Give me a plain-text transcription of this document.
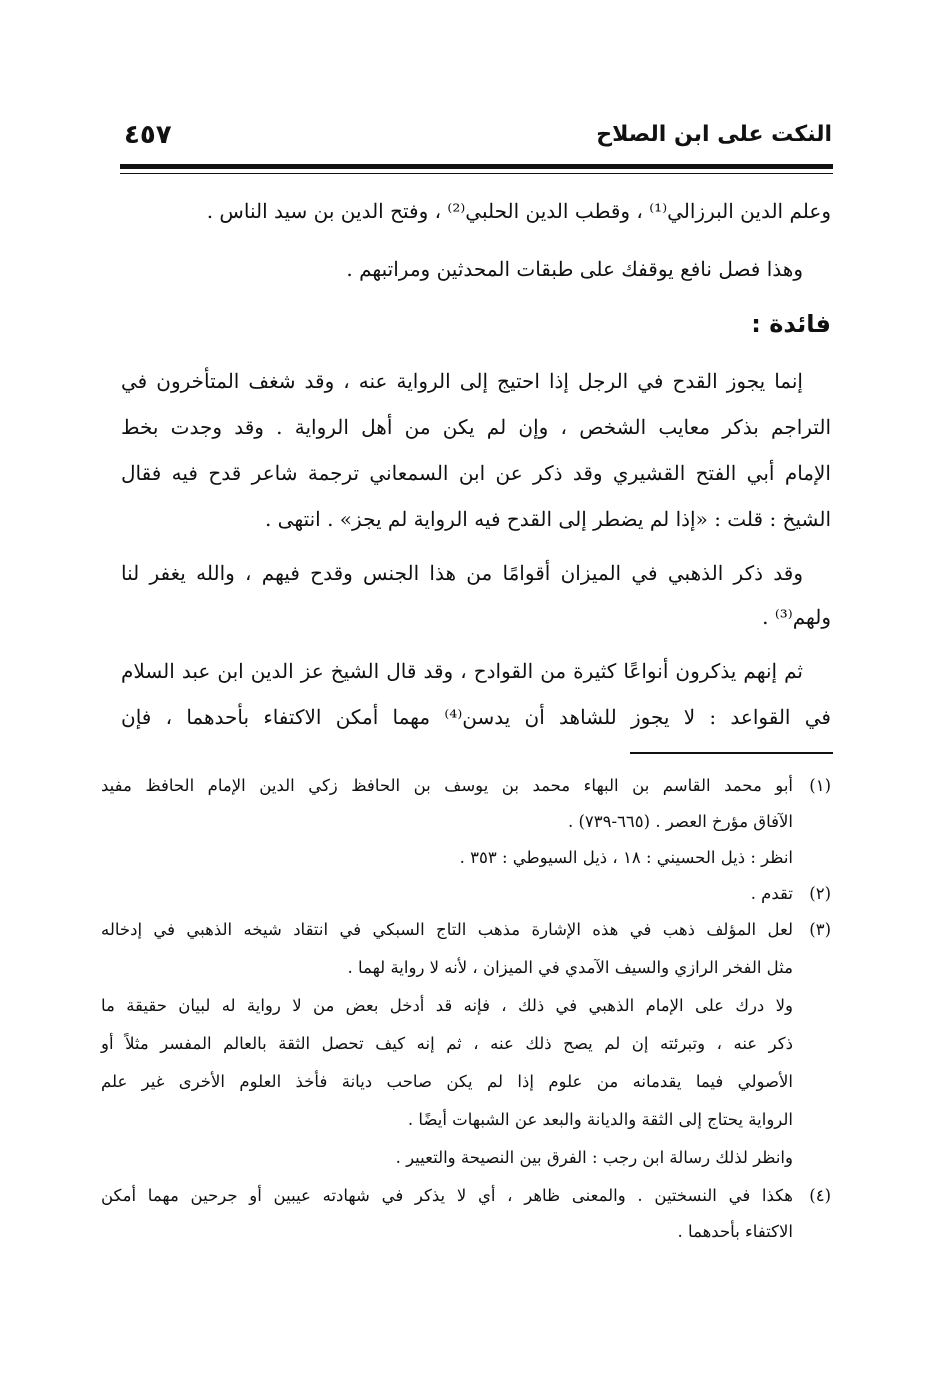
النكت على ابن الصلاح
٤٥٧
وعلم الدين البرزالي⁽¹⁾ ، وقطب الدين الحلبي⁽²⁾ ، وفتح الدين بن سيد الناس .
وهذا فصل نافع يوقفك على طبقات المحدثين ومراتبهم .
فائدة :
إنما يجوز القدح في الرجل إذا احتيج إلى الرواية عنه ، وقد شغف المتأخرون في
التراجم بذكر معايب الشخص ، وإن لم يكن من أهل الرواية . وقد وجدت بخط
الإمام أبي الفتح القشيري وقد ذكر عن ابن السمعاني ترجمة شاعر قدح فيه فقال
الشيخ : قلت : «إذا لم يضطر إلى القدح فيه الرواية لم يجز» . انتهى .
وقد ذكر الذهبي في الميزان أقوامًا من هذا الجنس وقدح فيهم ، والله يغفر لنا
ولهم⁽³⁾ .
ثم إنهم يذكرون أنواعًا كثيرة من القوادح ، وقد قال الشيخ عز الدين ابن عبد السلام
في القواعد : لا يجوز للشاهد أن يدسن⁽⁴⁾ مهما أمكن الاكتفاء بأحدهما ، فإن
(١)
أبو محمد القاسم بن البهاء محمد بن يوسف بن الحافظ زكي الدين الإمام الحافظ مفيد
الآفاق مؤرخ العصر . (٦٦٥-٧٣٩) .
انظر : ذيل الحسيني : ١٨ ، ذيل السيوطي : ٣٥٣ .
(٢)
تقدم .
(٣)
لعل المؤلف ذهب في هذه الإشارة مذهب التاج السبكي في انتقاد شيخه الذهبي في إدخاله
مثل الفخر الرازي والسيف الآمدي في الميزان ، لأنه لا رواية لهما .
ولا درك على الإمام الذهبي في ذلك ، فإنه قد أدخل بعض من لا رواية له لبيان حقيقة ما
ذكر عنه ، وتبرئته إن لم يصح ذلك عنه ، ثم إنه كيف تحصل الثقة بالعالم المفسر مثلاً أو
الأصولي فيما يقدمانه من علوم إذا لم يكن صاحب ديانة فأخذ العلوم الأخرى غير علم
الرواية يحتاج إلى الثقة والديانة والبعد عن الشبهات أيضًا .
وانظر لذلك رسالة ابن رجب : الفرق بين النصيحة والتعيير .
(٤)
هكذا في النسختين . والمعنى ظاهر ، أي لا يذكر في شهادته عيبين أو جرحين مهما أمكن
الاكتفاء بأحدهما .
